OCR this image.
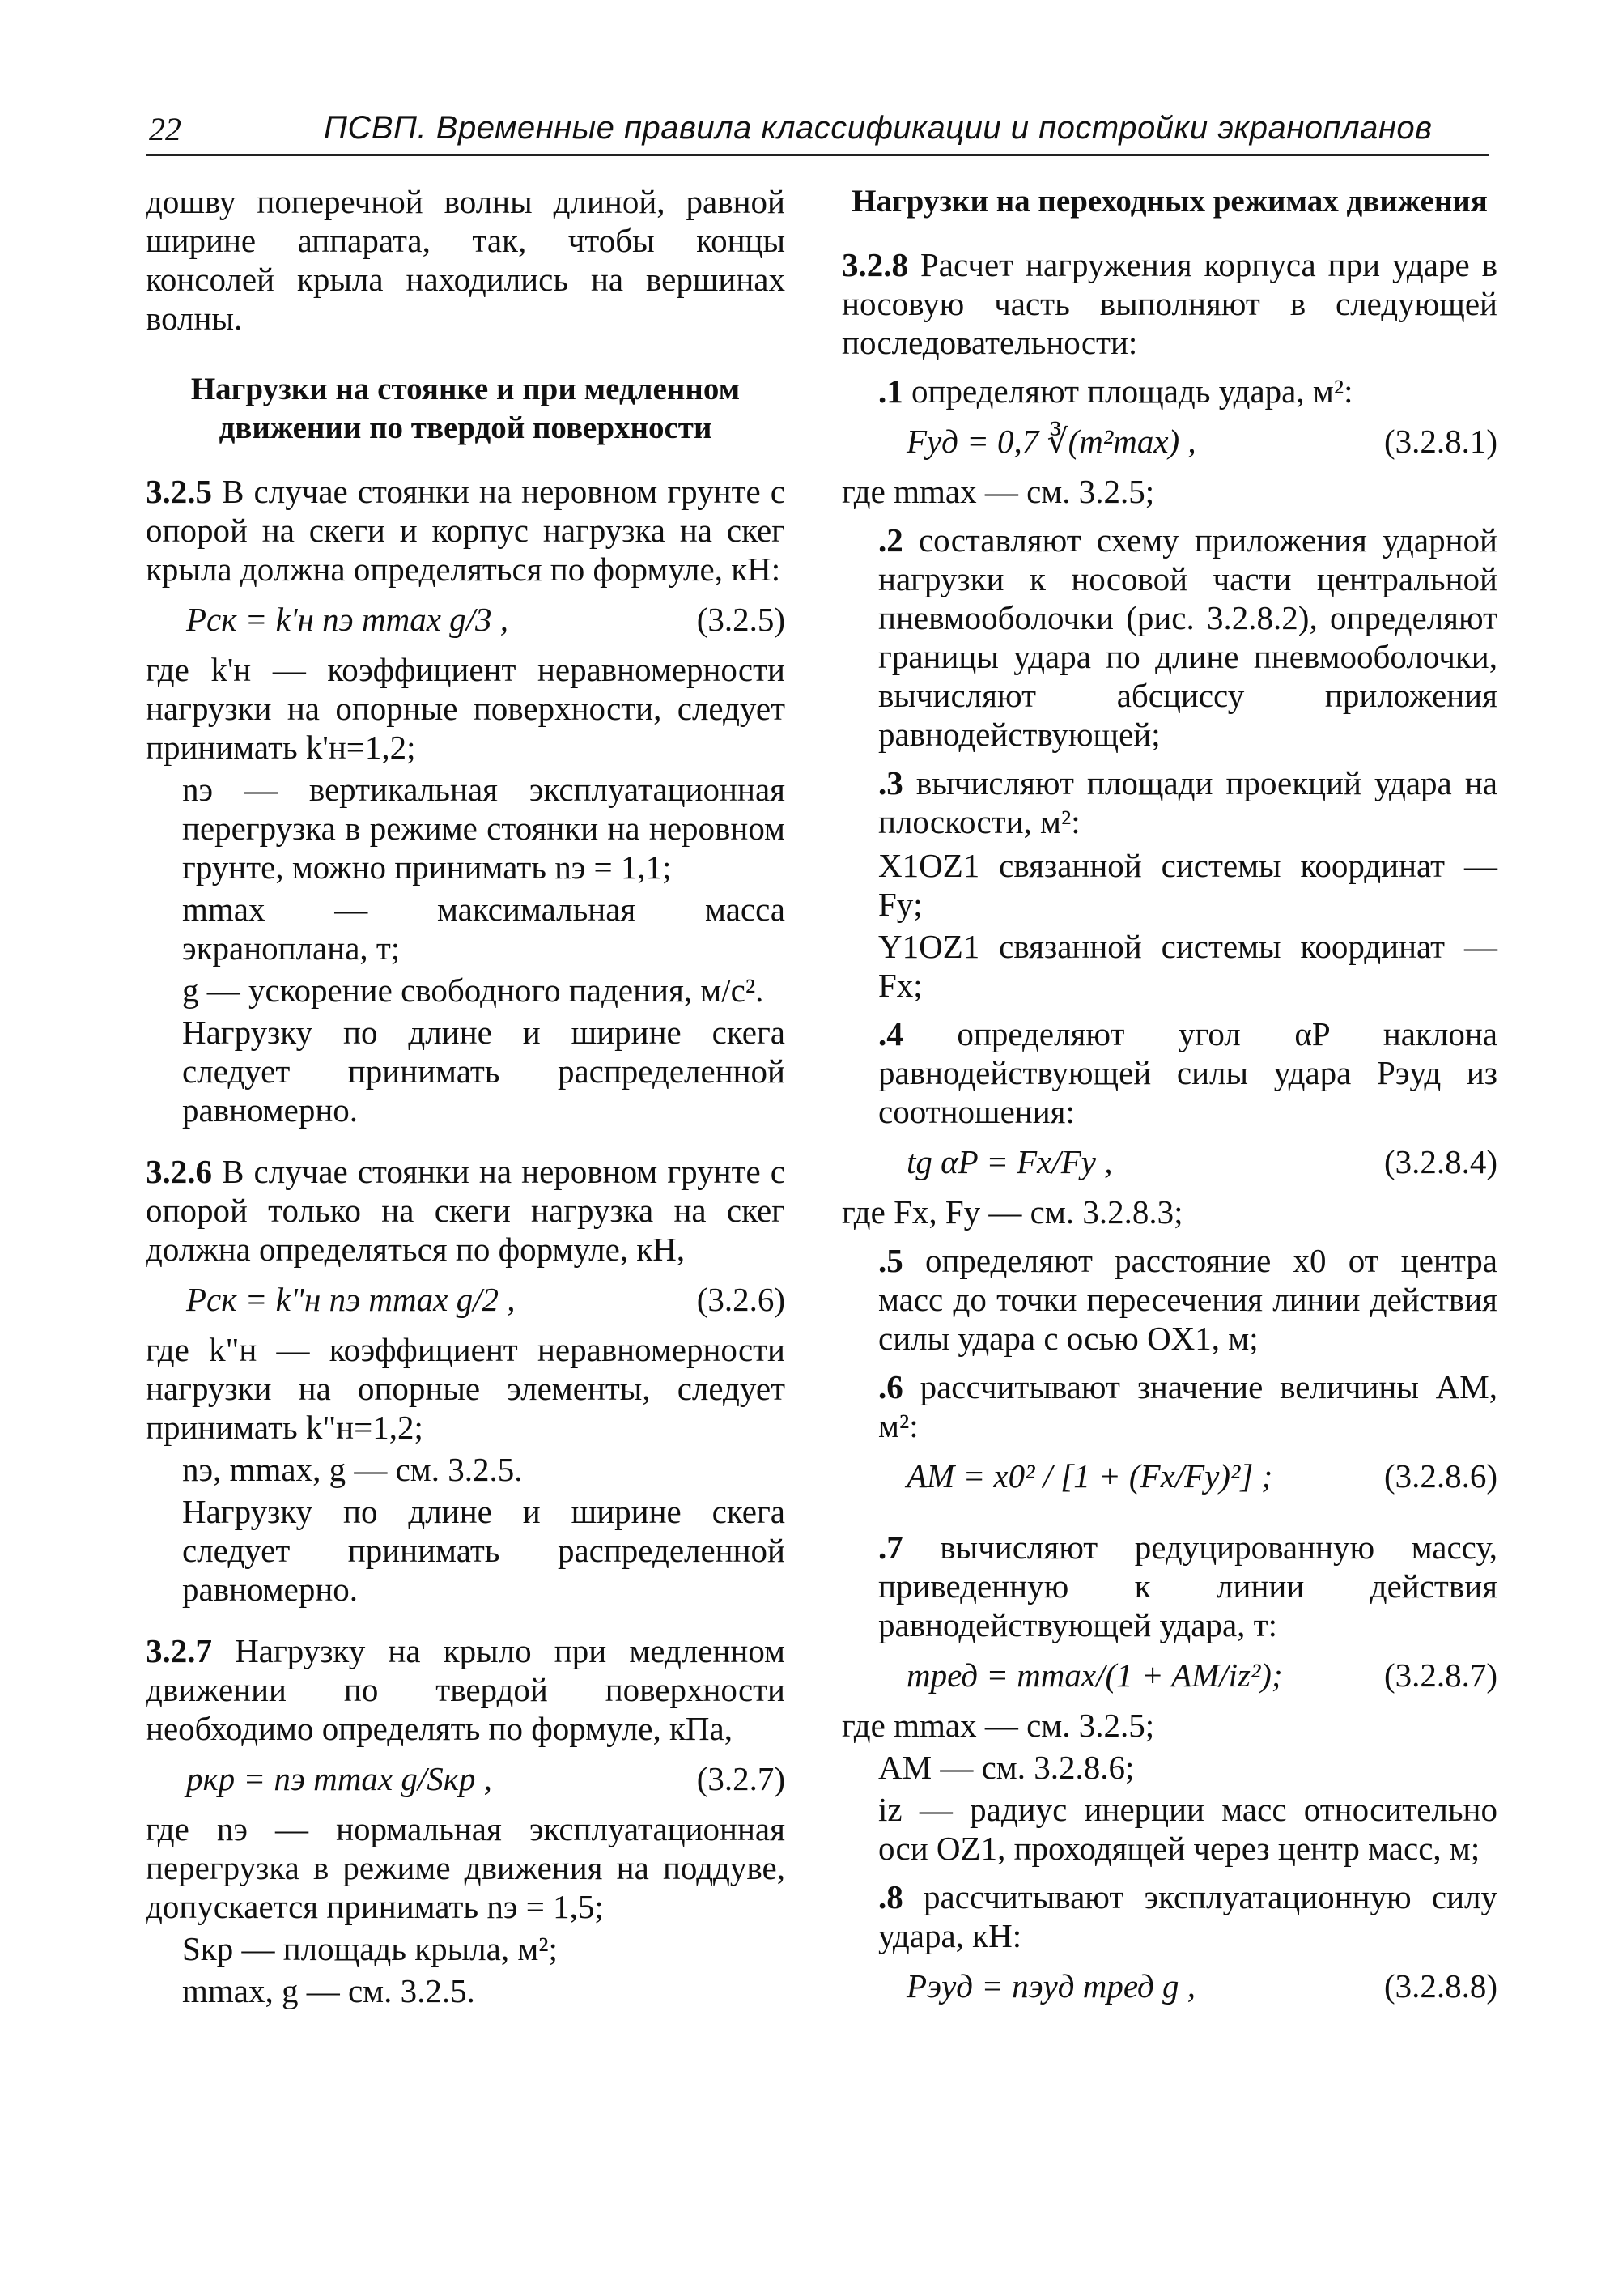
22	ПСВП. Временные правила классификации и постройки экранопланов

дошву поперечной волны длиной, равной ширине аппарата, так, чтобы концы консолей крыла находились на вершинах волны.

Нагрузки на стоянке и при медленном движении по твердой поверхности

3.2.5 В случае стоянки на неровном грунте с опорой на скеги и корпус нагрузка на скег крыла должна определяться по формуле, кН:

Pск = k'н nэ mmax g/3 ,	(3.2.5)

где k'н — коэффициент неравномерности нагрузки на опорные поверхности, следует принимать k'н=1,2;

nэ — вертикальная эксплуатационная перегрузка в режиме стоянки на неровном грунте, можно принимать nэ = 1,1;

mmax — максимальная масса экраноплана, т;

g — ускорение свободного падения, м/с².

Нагрузку по длине и ширине скега следует принимать распределенной равномерно.

3.2.6 В случае стоянки на неровном грунте с опорой только на скеги нагрузка на скег должна определяться по формуле, кН,

Pск = k"н nэ mmax g/2 ,	(3.2.6)

где k"н — коэффициент неравномерности нагрузки на опорные элементы, следует принимать k"н=1,2;

nэ, mmax, g — см. 3.2.5.

Нагрузку по длине и ширине скега следует принимать распределенной равномерно.

3.2.7 Нагрузку на крыло при медленном движении по твердой поверхности необходимо определять по формуле, кПа,

pкр = nэ mmax g/Sкр ,	(3.2.7)

где nэ — нормальная эксплуатационная перегрузка в режиме движения на поддуве, допускается принимать nэ = 1,5;

Sкр — площадь крыла, м²;

mmax, g — см. 3.2.5.

Нагрузки на переходных режимах движения

3.2.8 Расчет нагружения корпуса при ударе в носовую часть выполняют в следующей последовательности:

.1 определяют площадь удара, м²:

Fуд = 0,7 ∛(m²max) ,	(3.2.8.1)

где mmax — см. 3.2.5;

.2 составляют схему приложения ударной нагрузки к носовой части центральной пневмооболочки (рис. 3.2.8.2), определяют границы удара по длине пневмооболочки, вычисляют абсциссу приложения равнодействующей;

.3 вычисляют площади проекций удара на плоскости, м²:

X1OZ1 связанной системы координат — Fy;

Y1OZ1 связанной системы координат — Fx;

.4 определяют угол αP наклона равнодействующей силы удара Pэуд из соотношения:

tg αP = Fx/Fy ,	(3.2.8.4)

где Fx, Fy — см. 3.2.8.3;

.5 определяют расстояние x0 от центра масс до точки пересечения линии действия силы удара с осью OX1, м;

.6 рассчитывают значение величины AM, м²:

AM = x0² / [1 + (Fx/Fy)²] ;	(3.2.8.6)

.7 вычисляют редуцированную массу, приведенную к линии действия равнодействующей удара, т:

mред = mmax/(1 + AM/iz²);	(3.2.8.7)

где mmax — см. 3.2.5;

AM — см. 3.2.8.6;

iz — радиус инерции масс относительно оси OZ1, проходящей через центр масс, м;

.8 рассчитывают эксплуатационную силу удара, кН:

Pэуд = nэуд mред g ,	(3.2.8.8)
